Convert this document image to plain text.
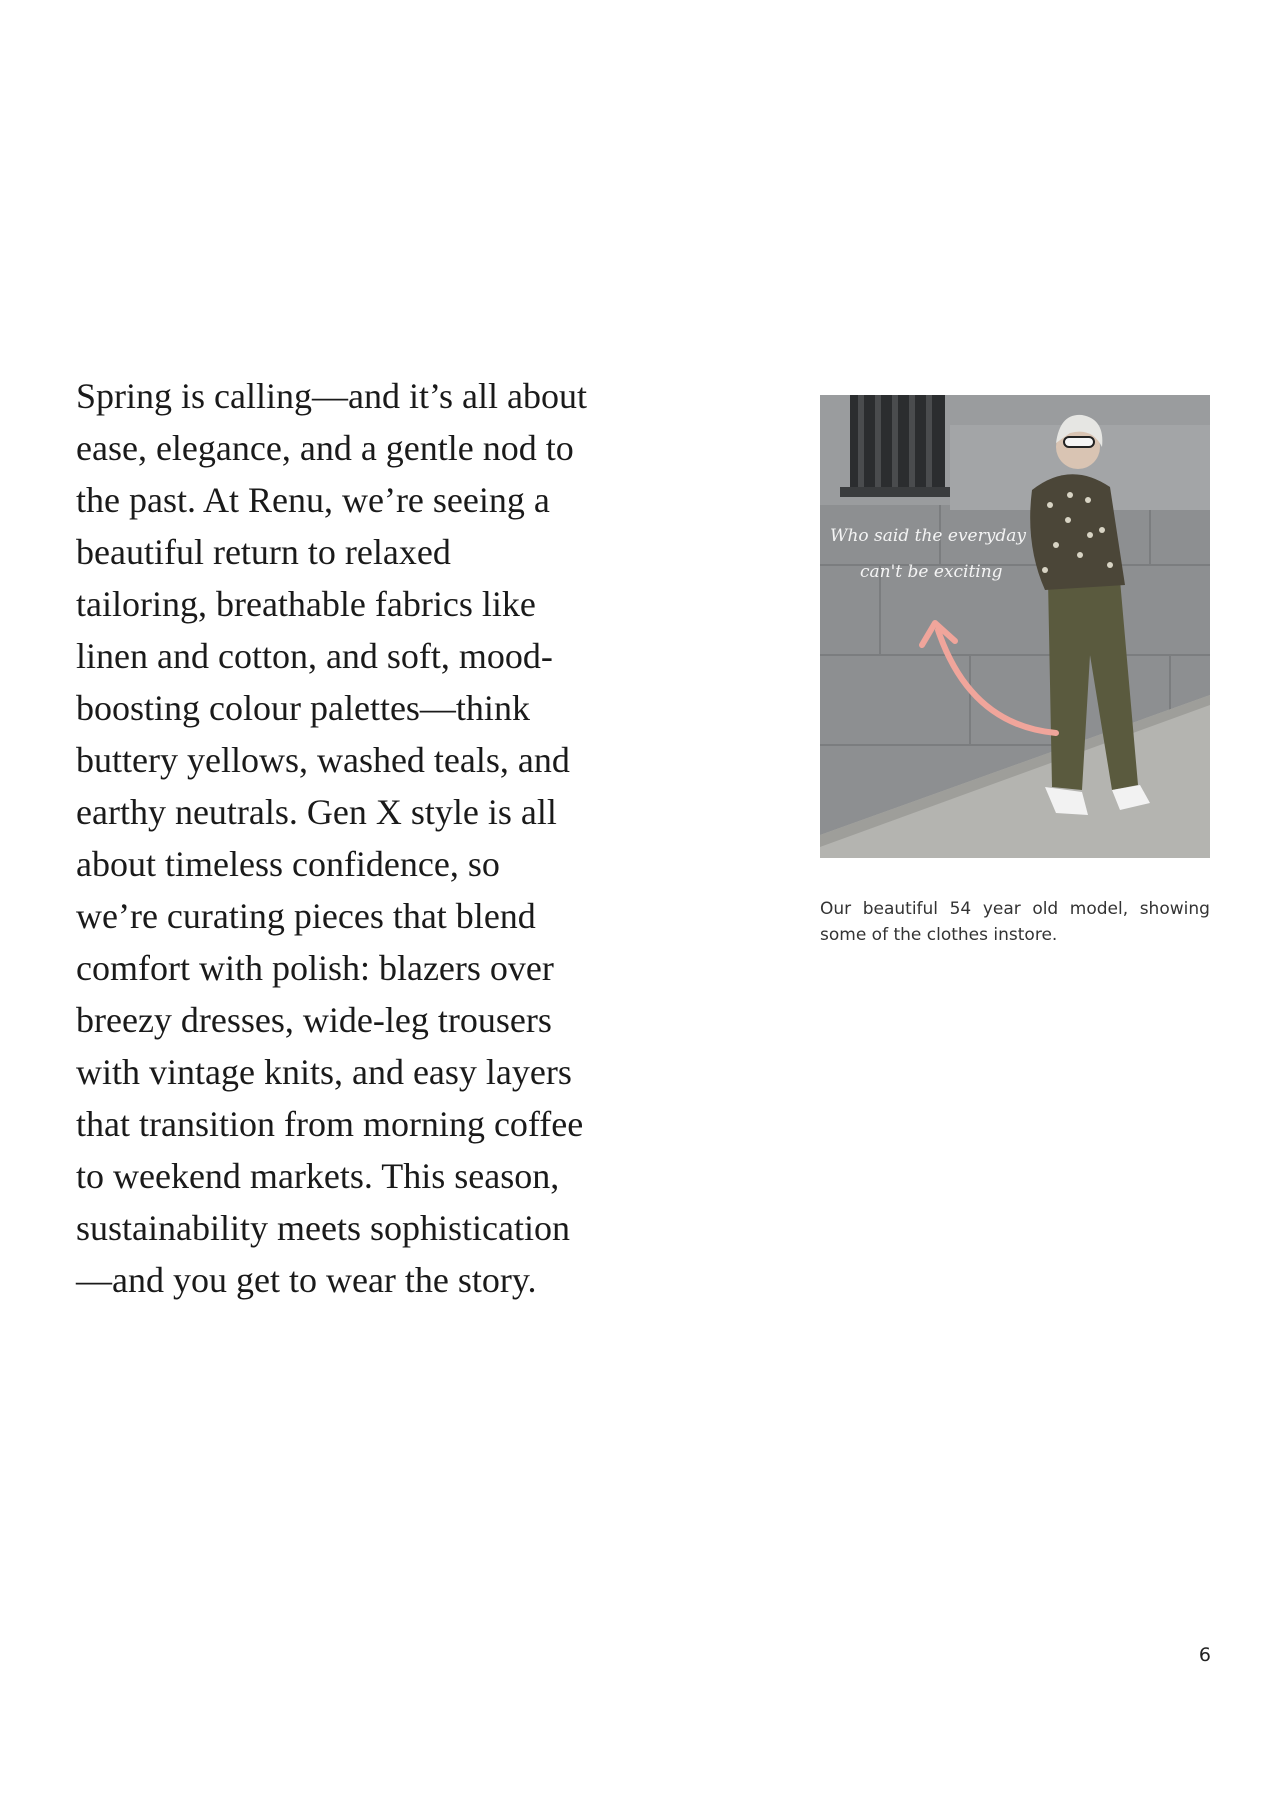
Spring is calling—and it’s all about
ease, elegance, and a gentle nod to
the past. At Renu, we’re seeing a
beautiful return to relaxed
tailoring, breathable fabrics like
linen and cotton, and soft, mood-
boosting colour palettes—think
buttery yellows, washed teals, and
earthy neutrals. Gen X style is all
about timeless confidence, so
we’re curating pieces that blend
comfort with polish: blazers over
breezy dresses, wide-leg trousers
with vintage knits, and easy layers
that transition from morning coffee
to weekend markets. This season,
sustainability meets sophistication
—and you get to wear the story.

Who said the everyday
can't be exciting
Our beautiful 54 year old model, showing
some of the clothes instore.
6
